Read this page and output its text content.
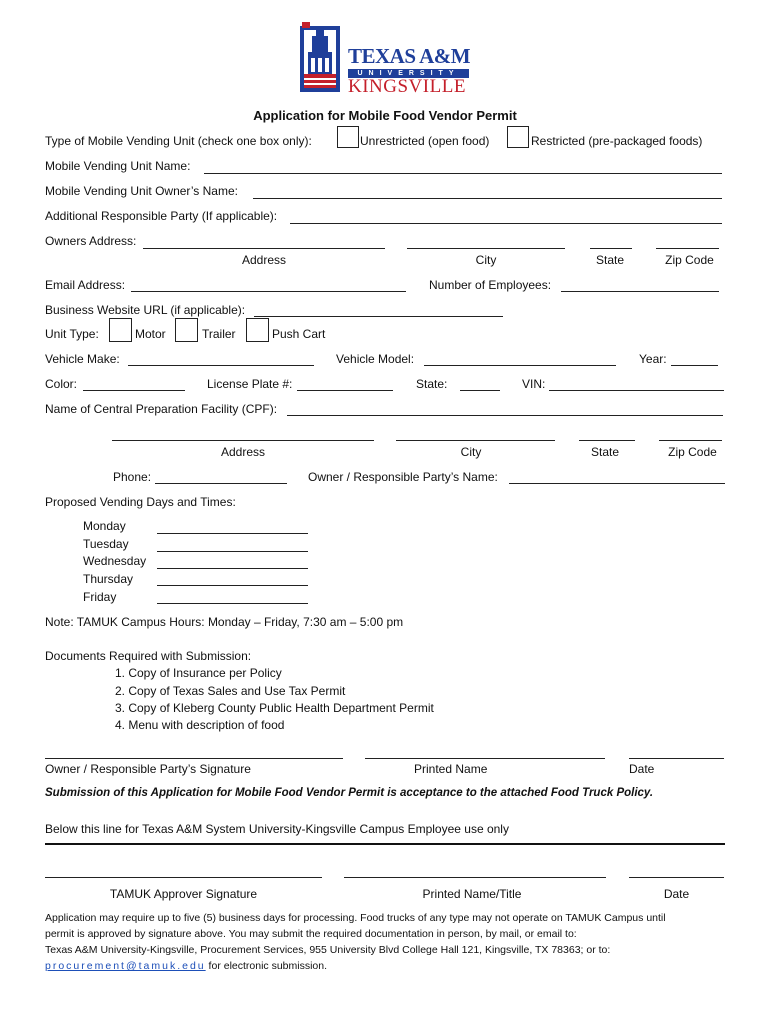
TEXAS A&M
UNIVERSITY
KINGSVILLE
Application for Mobile Food Vendor Permit
Type of Mobile Vending Unit (check one box only):	Unrestricted (open food)	Restricted (pre-packaged foods)
Mobile Vending Unit Name:
Mobile Vending Unit Owner’s Name:
Additional Responsible Party (If applicable):
Owners Address:
Address	City	State	Zip Code
Email Address:	Number of Employees:
Business Website URL (if applicable):
Unit Type:	Motor	Trailer	Push Cart
Vehicle Make:	Vehicle Model:	Year:
Color:	License Plate #:	State:	VIN:
Name of Central Preparation Facility (CPF):
Address	City	State	Zip Code
Phone:	Owner / Responsible Party’s Name:
Proposed Vending Days and Times:
Monday
Tuesday
Wednesday
Thursday
Friday
Note: TAMUK Campus Hours: Monday – Friday, 7:30 am – 5:00 pm
Documents Required with Submission:
1. Copy of Insurance per Policy
2. Copy of Texas Sales and Use Tax Permit
3. Copy of Kleberg County Public Health Department Permit
4. Menu with description of food
Owner / Responsible Party’s Signature	Printed Name	Date
Submission of this Application for Mobile Food Vendor Permit is acceptance to the attached Food Truck Policy.
Below this line for Texas A&M System University-Kingsville Campus Employee use only
TAMUK Approver Signature	Printed Name/Title	Date
Application may require up to five (5) business days for processing. Food trucks of any type may not operate on TAMUK Campus until
permit is approved by signature above. You may submit the required documentation in person, by mail, or email to:
Texas A&M University-Kingsville, Procurement Services, 955 University Blvd College Hall 121, Kingsville, TX 78363; or to:
procurement@tamuk.edu for electronic submission.
